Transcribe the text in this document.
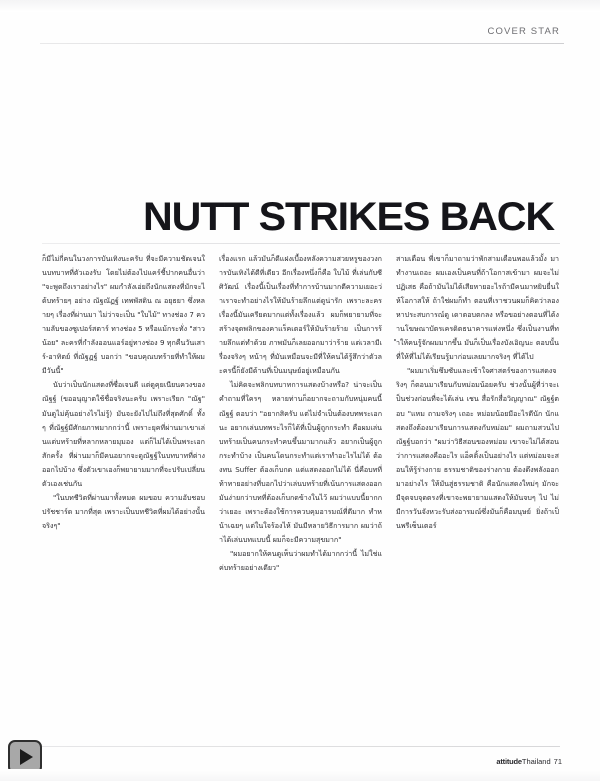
COVER STAR
NUTT STRIKES BACK

ก็มีไม่กี่คนในวงการบันเทิงนะครับ ที่จะมีความชัดเจนในบทบาทที่ตัวเองรับ โดยไม่ต้องไปแคร์ชี้ปากคนอื่นว่า "จะพูดถึงเราอย่างไร" ผมกำลังเอ่ยถึงนักแสดงที่มักจะได้บทร้ายๆ อย่าง ณัฐณัฏฐ์ เทพพัสดิน ณ อยุธยา ซึ่งหลายๆ เรื่องที่ผ่านมา ไม่ว่าจะเป็น "ใบไม้" ทางช่อง 7 ความลับของซูเปอร์สตาร์ ทางช่อง 5 หรือแม้กระทั่ง "สาวน้อย" ละครที่กำลังออนแอร์อยู่ทางช่อง 9 ทุกคืนวันเสาร์-อาทิตย์ ที่ณัฐฏฐ์ บอกว่า "ขอบคุณบทร้ายที่ทำให้ผมมีวันนี้"

นับว่าเป็นนักแสดงที่ซื่อเจนดี แต่ดูคุยเนียนควงของณัฐฐ์ (ขออนุญาตใช้ชื่อจริงนะครับ เพราะเรียก "ณัฐ" มันดูไม่คุ้นอย่างไรไม่รู้) มันจะยังไปไม่ถึงที่สุดศักดิ์ ทั้งๆ ที่ณัฐฐ์มีศักยภาพมากกว่านี้ เพราะยุคที่ผ่านมาเขาเล่นแต่บทร้ายที่หลากหลายมุมอง แต่ก็ไม่ได้เป็นพระเอกสักครั้ง ที่ผ่านมาก็มีคนอยากจะดูณัฐฐ์ในบทบาทที่ต่างออกไปบ้าง ซึ่งตัวเขาเองก็พยายามมากที่จะปรับเปลี่ยนตัวเองเช่นกัน

"ในบทชีวิตที่ผ่านมาทั้งหมด ผมขอบ ความอับชอบปรัชชาร์ด มากที่สุด เพราะเป็นบทชีวิตที่ผมได้อย่างนั้นจริงๆ"

เรื่องแรก แล้วมันก็ดีแฝงเบื้องหลังความสวยหรูของวงการบันเทิงได้ดีที่เดียว อีกเรื่องหนึ่งก็คือ ใบไม้ ที่เล่นกับซี ศิวัฒน์ เรื่องนี้เป็นเรื่องที่ทำการบ้านมากตีความเยอะว่าเราจะทำอย่างไรให้มันร้ายลึกแต่ดูน่ารัก เพราะละครเรื่องนี้มันเครียดมากแต่ทั้งเรื่องแล้ว ผมก็พยายามที่จะสร้างจุดพลิกของคาแร็คเตอร์ให้มันร้ายร้าย เป็นการร้ายลึกแต่ทำด้วย ภาพมันก็เลยออกมาว่าร้าย แต่เวลามีเรื่องจริงๆ หน้าๆ ที่มันเหมือนจะมีที่ให้คนได้รู้สึกว่าตัวละครนี้ก็ยังมีด้านที่เป็นมนุษย์อยู่เหมือนกัน

ไม่คิดจะพลิกบทบาทการแสดงบ้างหรือ? น่าจะเป็นคำถามที่ใครๆ หลายท่านก็อยากจะถามกับหนุ่มคนนี้ ณัฐฐ์ ตอบว่า "อยากสิครับ แต่ไม่จำเป็นต้องบทพระเอกนะ อยากเล่นบทพระไรก็ได้ที่เป็นผู้ถูกกระทำ คือผมเล่นบทร้ายเป็นคนกระทำคนขึ้นมามากแล้ว อยากเป็นผู้ถูกกระทำบ้าง เป็นคนโดนกระทำแต่เราทำอะไรไม่ได้ ต้องทน Suffer ต้องเก็บกด แต่แสดงออกไม่ได้ นี่คือบทที่ท้าทายอย่างที่บอกไปว่าเล่นบทร้ายที่เน้นการแสดงออกมันง่ายกว่าบทที่ต้องเก็บกดข้างในไว้ ผมว่าแบบนี้ยากกว่าเยอะ เพราะต้องใช้การควบคุมอารมณ์ที่ดีมาก ทำหน้าเฉยๆ แต่ในใจร้องไห้ มันมีหลายวิธีการมาก ผมว่าถ้าได้เล่นบทแบบนี้ ผมก็จะมีความสุขมาก"

"ผมอยากให้คนดูเห็นว่าผมทำได้มากกว่านี้ ไม่ใช่แค่บทร้ายอย่างเดียว"

สามเดือน พี่เขาก็มาถามว่าพักสามเดือนพอแล้วมั้ง มาทำงานเถอะ ผมเองเป็นคนที่ถ้าโอกาสเข้ามา ผมจะไม่ปฏิเสธ คือถ้ามันไม่ได้เสียหายอะไรถ้ามีคนมาหยิบยื่นให้โอกาสให้ ถ้าใช่ผมก็ทำ ตอนที่เราชวนผมก็คิดว่าลองหาประสบการณ์ดู เดาตอบตกลง หรือขอย่างตอนที่ได้งานโฆษณาบัตรเครดิตธนาคารแห่งหนึ่ง ซึ่งเป็นงานที่ทำให้คนรู้จักผมมากขึ้น มันก็เป็นเรื่องบังเอิญนะ ตอบนั้นที่ให้ที่ไม่ได้เรียนรู้มาก่อนเลยมากจริงๆ ที่ได้ไป

"ผมมาเริ่มซึมซับและเข้าใจศาสตร์ของการแสดงจริงๆ ก็ตอนมาเรียนกับหม่อมน้อยครับ ช่วงนั้นผู้ที่ว่าจะเป็นช่วงก่อนที่จะได้เล่น เชน สื่อรักสื่อวิญญาณ" ณัฐฐ์ตอบ "แหม ถามจริงๆ เถอะ หม่อมน้อยมีอะไรดีนัก นักแสดงถึงต้องมาเรียนการแสดงกับหม่อม" ผมถามสวนไป ณัฐฐ์บอกว่า "ผมว่าวิธีสอนของหม่อม เขาจะไม่ได้สอนว่าการแสดงคืออะไร แอ็คติ้งเป็นอย่างไร แต่หม่อมจะสอนให้รู้ร่างกาย ธรรมชาติของร่างกาย ต้องดึงพลังออกมาอย่างไร ให้มันสู่ธรรมชาติ คือนักแสดงใหม่ๆ มักจะมีจุดจบจุดตรงที่เขาจะพยายามแสดงให้มันจบๆ ไป ไม่มีการวันจังหวะรับส่งอารมณ์ซึ่งมันก็คือมนุษย์ ยิ่งถ้าเป็นพรีเซ็นเตอร์

attitudeThailand 71
